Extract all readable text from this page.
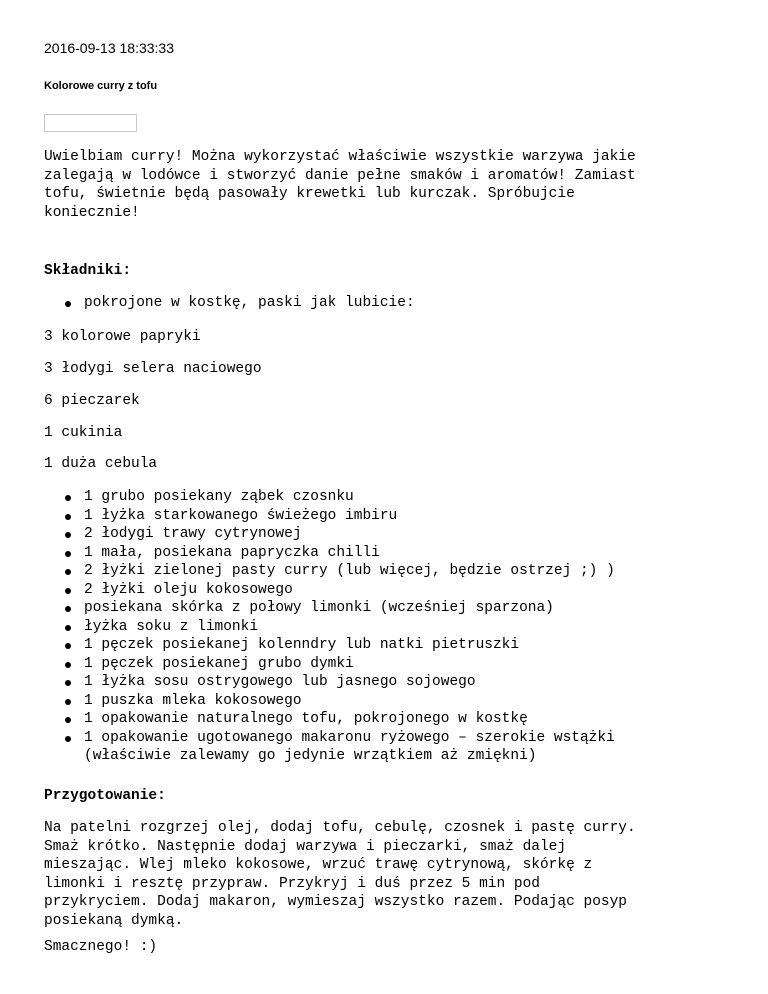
2016-09-13 18:33:33
Kolorowe curry z tofu

Uwielbiam curry! Można wykorzystać właściwie wszystkie warzywa jakie
zalegają w lodówce i stworzyć danie pełne smaków i aromatów! Zamiast
tofu, świetnie będą pasowały krewetki lub kurczak. Spróbujcie
koniecznie!

Składniki:

pokrojone w kostkę, paski jak lubicie:

3 kolorowe papryki

3 łodygi selera naciowego

6 pieczarek

1 cukinia

1 duża cebula

1 grubo posiekany ząbek czosnku
1 łyżka starkowanego świeżego imbiru
2 łodygi trawy cytrynowej
1 mała, posiekana papryczka chilli
2 łyżki zielonej pasty curry (lub więcej, będzie ostrzej ;) )
2 łyżki oleju kokosowego
posiekana skórka z połowy limonki (wcześniej sparzona)
łyżka soku z limonki
1 pęczek posiekanej kolenndry lub natki pietruszki
1 pęczek posiekanej grubo dymki
1 łyżka sosu ostrygowego lub jasnego sojowego
1 puszka mleka kokosowego
1 opakowanie naturalnego tofu, pokrojonego w kostkę
1 opakowanie ugotowanego makaronu ryżowego – szerokie wstążki
(właściwie zalewamy go jedynie wrzątkiem aż zmiękni)

Przygotowanie:

Na patelni rozgrzej olej, dodaj tofu, cebulę, czosnek i pastę curry.
Smaż krótko. Następnie dodaj warzywa i pieczarki, smaż dalej
mieszając. Wlej mleko kokosowe, wrzuć trawę cytrynową, skórkę z
limonki i resztę przypraw. Przykryj i duś przez 5 min pod
przykryciem. Dodaj makaron, wymieszaj wszystko razem. Podając posyp
posiekaną dymką.

Smacznego! :)
